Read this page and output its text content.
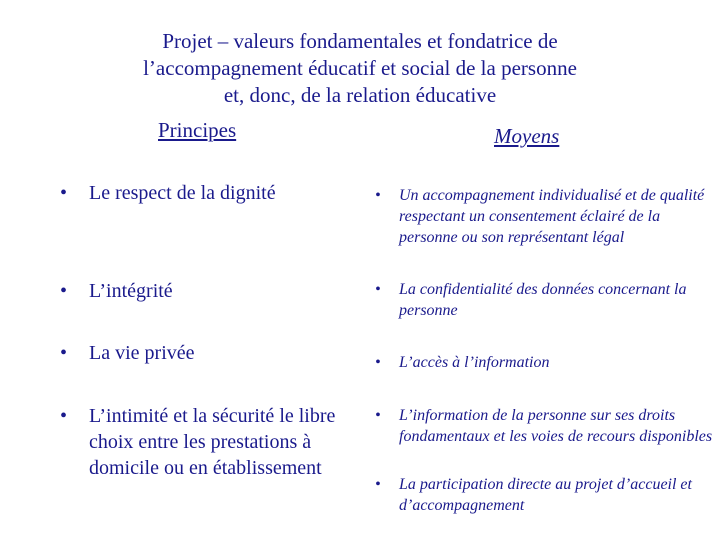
Projet – valeurs fondamentales et fondatrice de
l’accompagnement éducatif et social de la personne
et, donc, de la relation éducative
Principes	Moyens
• Le respect de la dignité
• L’intégrité
• La vie privée
• L’intimité et la sécurité le libre choix entre les prestations à domicile ou en établissement
• Un accompagnement individualisé et de qualité respectant un consentement éclairé de la personne ou son représentant légal
• La confidentialité des données concernant la personne
• L’accès à l’information
• L’information de la personne sur ses droits fondamentaux et les voies de recours disponibles
• La participation directe au projet d’accueil et d’accompagnement
